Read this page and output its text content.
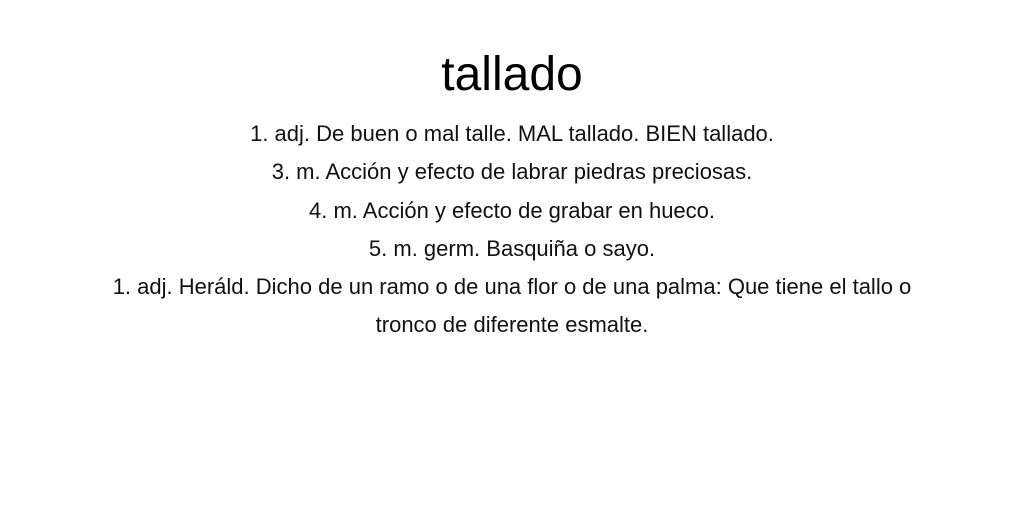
tallado
1. adj. De buen o mal talle. MAL tallado. BIEN tallado.
3. m. Acción y efecto de labrar piedras preciosas.
4. m. Acción y efecto de grabar en hueco.
5. m. germ. Basquiña o sayo.
1. adj. Heráld. Dicho de un ramo o de una flor o de una palma: Que tiene el tallo o tronco de diferente esmalte.
